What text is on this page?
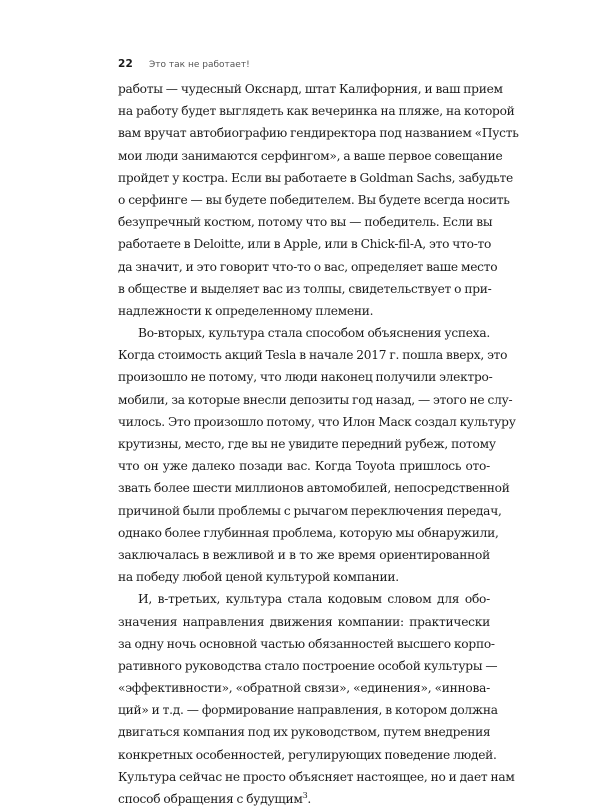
22 Это так не работает!
работы — чудесный Окснард, штат Калифорния, и ваш прием
на работу будет выглядеть как вечеринка на пляже, на которой
вам вручат автобиографию гендиректора под названием «Пусть
мои люди занимаются серфингом», а ваше первое совещание
пройдет у костра. Если вы работаете в Goldman Sachs, забудьте
о серфинге — вы будете победителем. Вы будете всегда носить
безупречный костюм, потому что вы — победитель. Если вы
работаете в Deloitte, или в Apple, или в Chick-fil-A, это что-то
да значит, и это говорит что-то о вас, определяет ваше место
в обществе и выделяет вас из толпы, свидетельствует о при-
надлежности к определенному племени.
Во-вторых, культура стала способом объяснения успеха.
Когда стоимость акций Tesla в начале 2017 г. пошла вверх, это
произошло не потому, что люди наконец получили электро-
мобили, за которые внесли депозиты год назад, — этого не слу-
чилось. Это произошло потому, что Илон Маск создал культуру
крутизны, место, где вы не увидите передний рубеж, потому
что он уже далеко позади вас. Когда Toyota пришлось ото-
звать более шести миллионов автомобилей, непосредственной
причиной были проблемы с рычагом переключения передач,
однако более глубинная проблема, которую мы обнаружили,
заключалась в вежливой и в то же время ориентированной
на победу любой ценой культурой компании.
И, в-третьих, культура стала кодовым словом для обо-
значения направления движения компании: практически
за одну ночь основной частью обязанностей высшего корпо-
ративного руководства стало построение особой культуры —
«эффективности», «обратной связи», «единения», «иннова-
ций» и т.д. — формирование направления, в котором должна
двигаться компания под их руководством, путем внедрения
конкретных особенностей, регулирующих поведение людей.
Культура сейчас не просто объясняет настоящее, но и дает нам
способ обращения с будущим$^3$.
